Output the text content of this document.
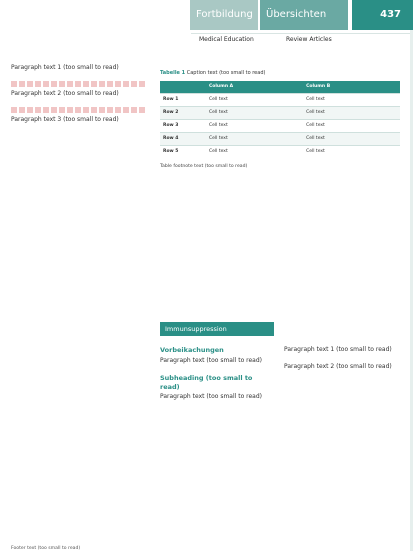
Fortbildung	Übersichten	437
Medical Education	Review Articles

Paragraph text 1 (too small to read)

Paragraph text 2 (too small to read)

Paragraph text 3 (too small to read)

Tabelle 1 Caption text (too small to read)
	Column A	Column B
Row 1	Cell text	Cell text
Row 2	Cell text	Cell text
Row 3	Cell text	Cell text
Row 4	Cell text	Cell text
Row 5	Cell text	Cell text
Table footnote text (too small to read)
Immunsuppression
Vorbeikachungen

Paragraph text (too small to read)

Subheading (too small to read)

Paragraph text (too small to read)

Paragraph text 1 (too small to read)

Paragraph text 2 (too small to read)

Footer text (too small to read)
